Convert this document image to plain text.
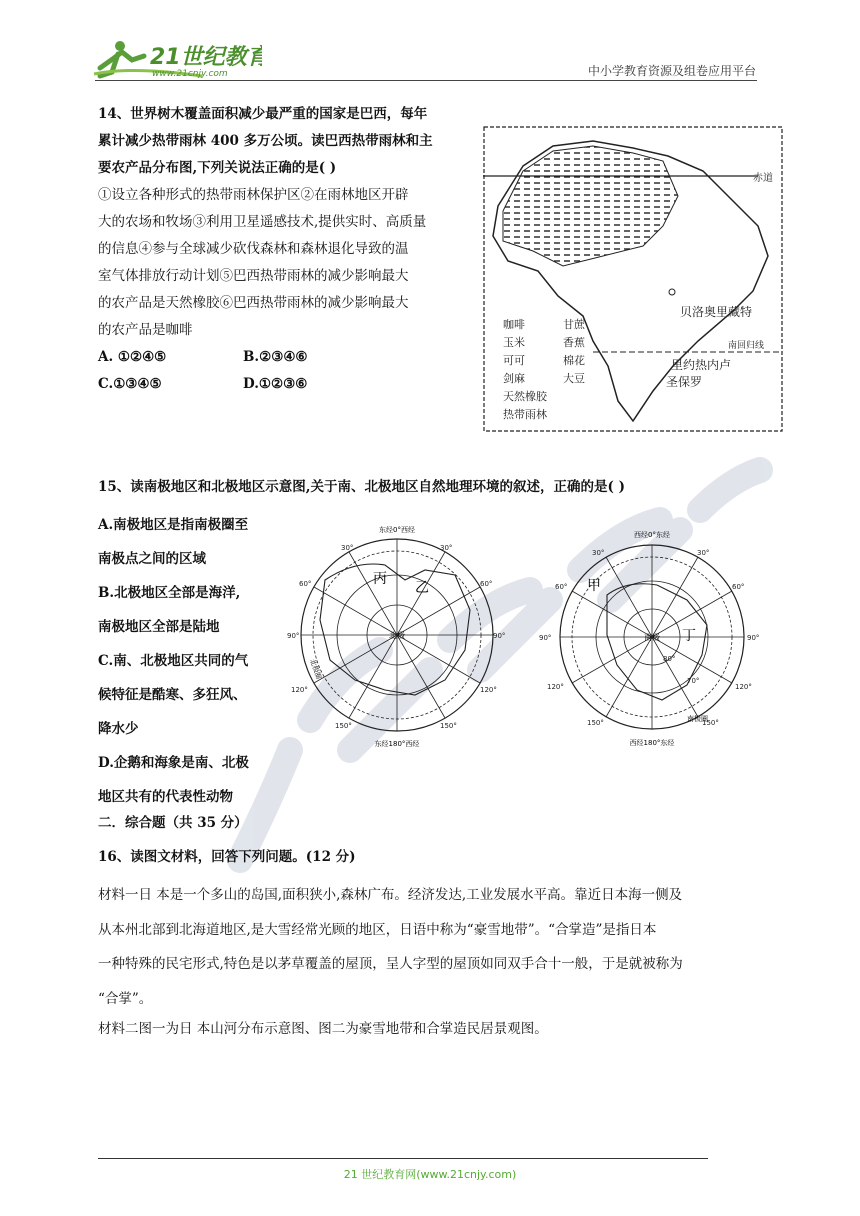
21世纪教育
www.21cnjy.com	中小学教育资源及组卷应用平台
14、世界树木覆盖面积减少最严重的国家是巴西，每年
累计减少热带雨林 400 多万公顷。读巴西热带雨林和主
要农产品分布图,下列关说法正确的是( )
①设立各种形式的热带雨林保护区②在雨林地区开辟
大的农场和牧场③利用卫星遥感技术,提供实时、高质量
的信息④参与全球减少砍伐森林和森林退化导致的温
室气体排放行动计划⑤巴西热带雨林的减少影响最大
的农产品是天然橡胶⑥巴西热带雨林的减少影响最大
的农产品是咖啡
A. ①②④⑤	B.②③④⑥
C.①③④⑤	D.①②③⑥
赤道
南回归线
贝洛奥里藏特
里约热内卢
圣保罗
咖啡	甘蔗
玉米	香蕉
可可	棉花
剑麻	大豆
天然橡胶
热带雨林
15、读南极地区和北极地区示意图,关于南、北极地区自然地理环境的叙述，正确的是( )
A.南极地区是指南极圈至
南极点之间的区域
B.北极地区全部是海洋,
南极地区全部是陆地
C.南、北极地区共同的气
候特征是酷寒、多狂风、
降水少
D.企鹅和海象是南、北极
地区共有的代表性动物
东经0°西经
东经180°西经
北极
北极圈
丙
乙
30°	30°
60°	60°
90°	90°
120°	120°
150°	150°
西经0°东经
西经180°东经
南极
南极圈
甲
丁
30°	30°
60°	60°
90°	90°
120°	120°
150°	150°
80°
70°
二．综合题（共 35 分）
16、读图文材料，回答下列问题。(12 分)
材料一日 本是一个多山的岛国,面积狭小,森林广布。经济发达,工业发展水平高。靠近日本海一侧及
从本州北部到北海道地区,是大雪经常光顾的地区，日语中称为“豪雪地带”。“合掌造”是指日本
一种特殊的民宅形式,特色是以茅草覆盖的屋顶，呈人字型的屋顶如同双手合十一般，于是就被称为
“合掌”。
材料二图一为日 本山河分布示意图、图二为豪雪地带和合掌造民居景观图。
21 世纪教育网(www.21cnjy.com)
